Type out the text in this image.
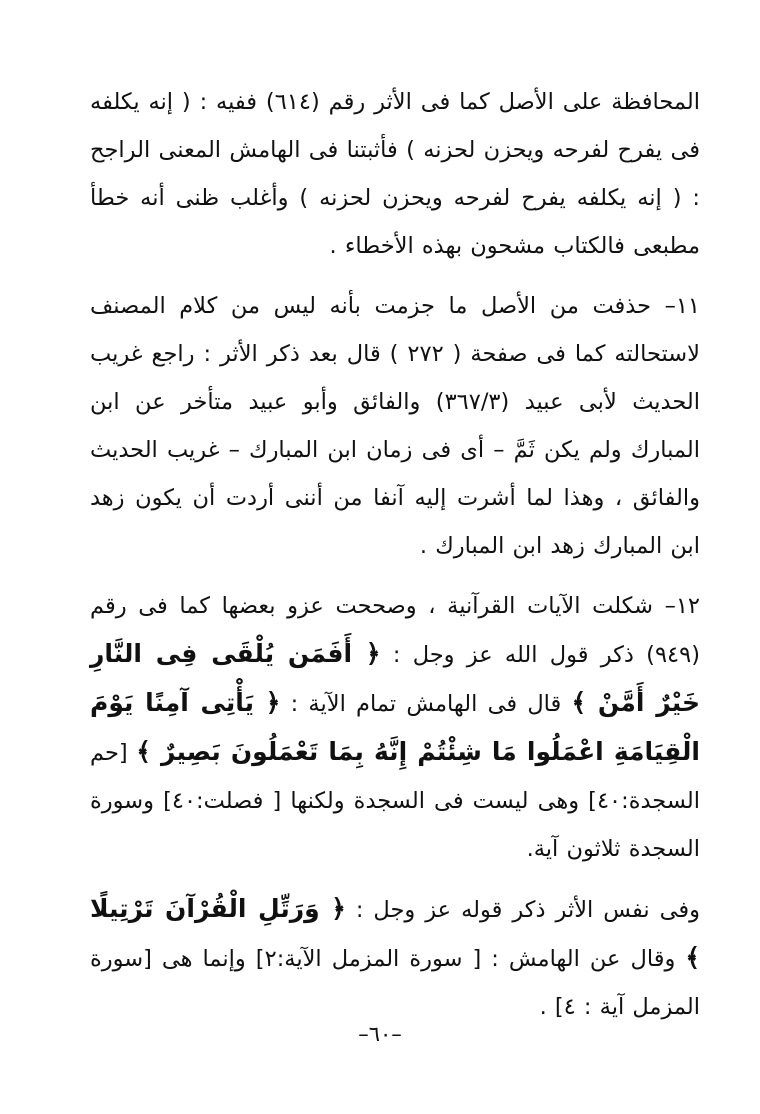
المحافظة على الأصل كما فى الأثر رقم (٦١٤) ففيه : ( إنه يكلفه فى يفرح لفرحه ويحزن لحزنه ) فأثبتنا فى الهامش المعنى الراجح : ( إنه يكلفه يفرح لفرحه ويحزن لحزنه ) وأغلب ظنى أنه خطأ مطبعى فالكتاب مشحون بهذه الأخطاء .

١١– حذفت من الأصل ما جزمت بأنه ليس من كلام المصنف لاستحالته كما فى صفحة ( ٢٧٢ ) قال بعد ذكر الأثر : راجع غريب الحديث لأبى عبيد (٣٦٧/٣) والفائق وأبو عبيد متأخر عن ابن المبارك ولم يكن ثَمَّ – أى فى زمان ابن المبارك – غريب الحديث والفائق ، وهذا لما أشرت إليه آنفا من أننى أردت أن يكون زهد ابن المبارك زهد ابن المبارك .

١٢– شكلت الآيات القرآنية ، وصححت عزو بعضها كما فى رقم (٩٤٩) ذكر قول الله عز وجل : ﴿ أَفَمَن يُلْقَى فِى النَّارِ خَيْرٌ أَمَّنْ ﴾ قال فى الهامش تمام الآية : ﴿ يَأْتِى آمِنًا يَوْمَ الْقِيَامَةِ اعْمَلُوا مَا شِئْتُمْ إِنَّهُ بِمَا تَعْمَلُونَ بَصِيرٌ ﴾ [حم السجدة:٤٠] وهى ليست فى السجدة ولكنها [ فصلت:٤٠] وسورة السجدة ثلاثون آية.

وفى نفس الأثر ذكر قوله عز وجل : ﴿ وَرَتِّلِ الْقُرْآنَ تَرْتِيلًا ﴾ وقال عن الهامش : [ سورة المزمل الآية:٢] وإنما هى [سورة المزمل آية : ٤] .

–٦٠–
